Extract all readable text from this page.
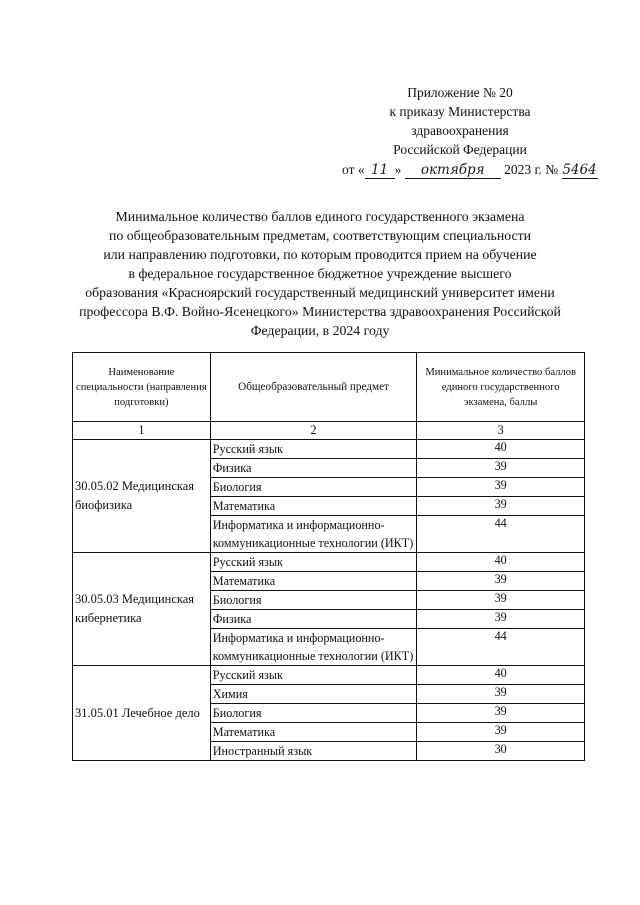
Приложение № 20
к приказу Министерства
здравоохранения
Российской Федерации
от « 11 » октября 2023 г. № 5464
Минимальное количество баллов единого государственного экзамена
по общеобразовательным предметам, соответствующим специальности
или направлению подготовки, по которым проводится прием на обучение
в федеральное государственное бюджетное учреждение высшего
образования «Красноярский государственный медицинский университет имени
профессора В.Ф. Войно-Ясенецкого» Министерства здравоохранения Российской
Федерации, в 2024 году
Наименование специальности (направления подготовки)	Общеобразовательный предмет	Минимальное количество баллов единого государственного экзамена, баллы
1	2	3
30.05.02 Медицинская биофизика	Русский язык	40
	Физика	39
	Биология	39
	Математика	39
	Информатика и информационно-коммуникационные технологии (ИКТ)	44
30.05.03 Медицинская кибернетика	Русский язык	40
	Математика	39
	Биология	39
	Физика	39
	Информатика и информационно-коммуникационные технологии (ИКТ)	44
31.05.01 Лечебное дело	Русский язык	40
	Химия	39
	Биология	39
	Математика	39
	Иностранный язык	30
